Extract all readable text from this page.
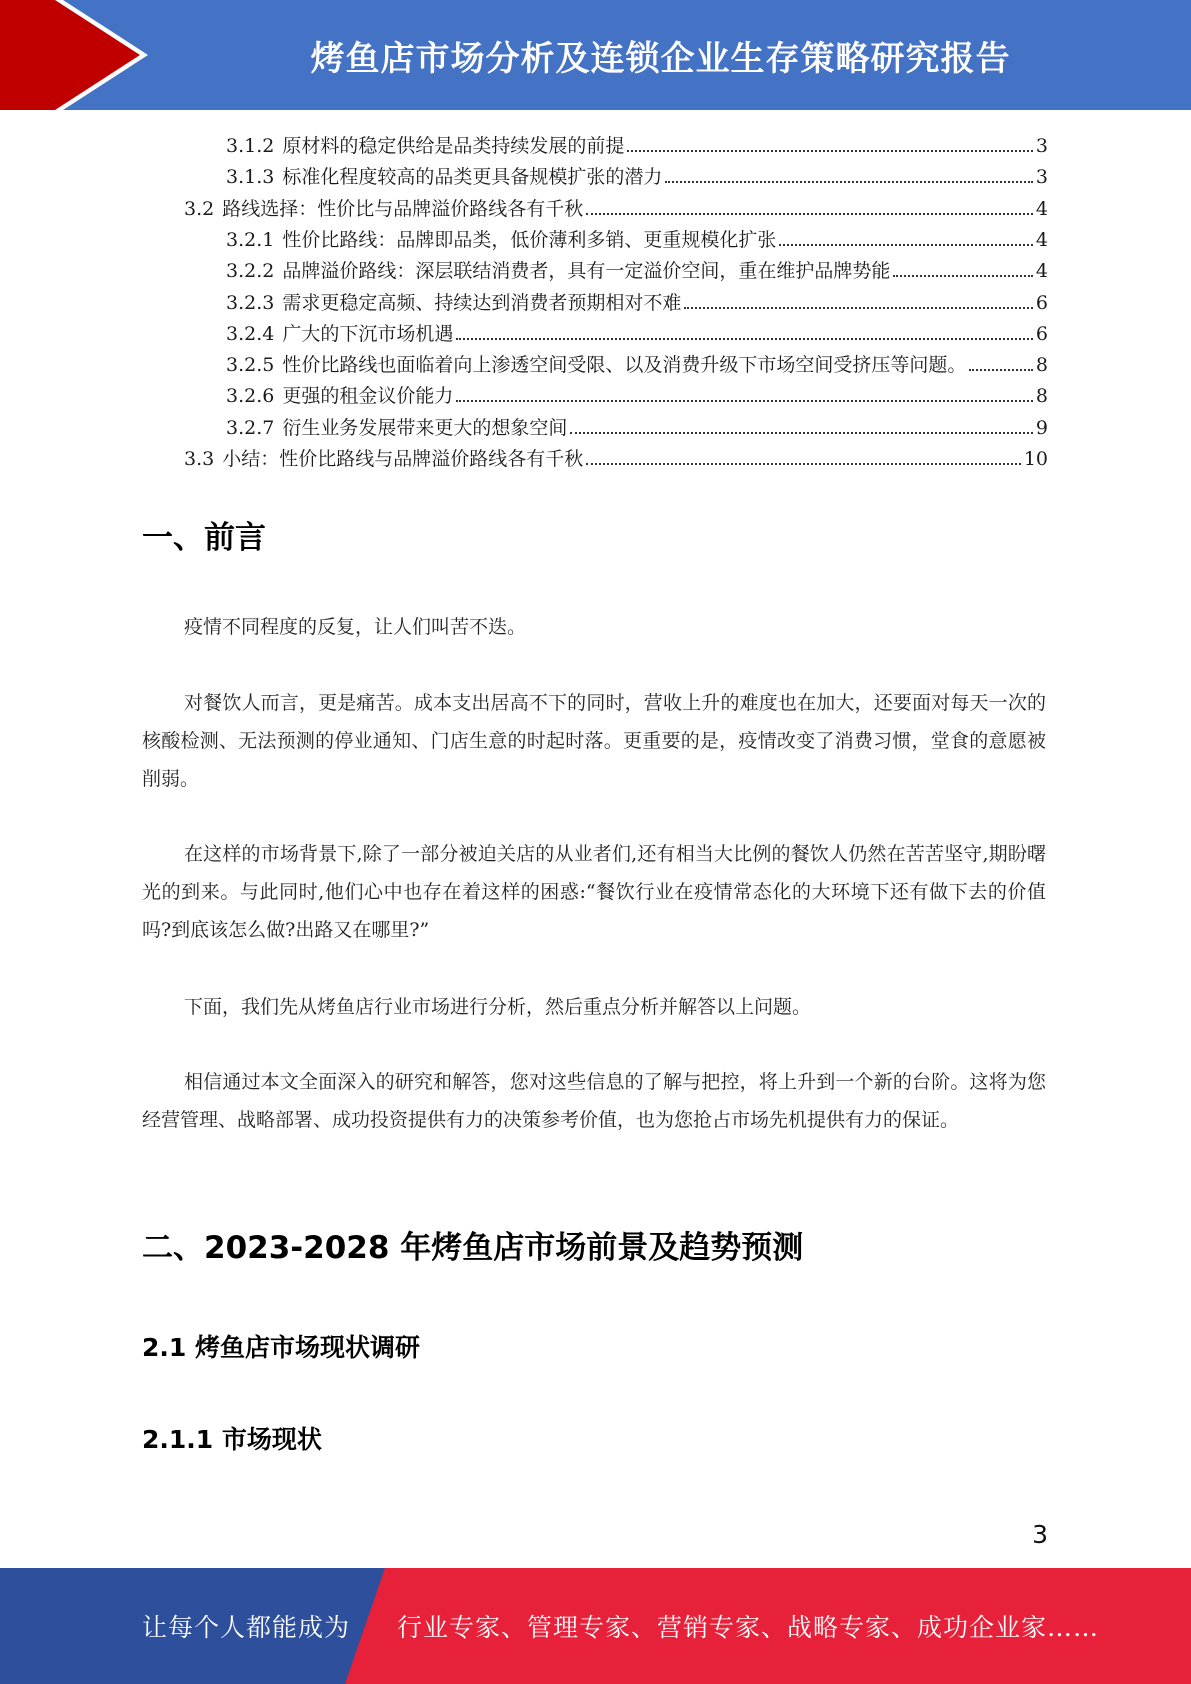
烤鱼店市场分析及连锁企业生存策略研究报告
3.1.2 原材料的稳定供给是品类持续发展的前提	3
3.1.3 标准化程度较高的品类更具备规模扩张的潜力	3
3.2 路线选择：性价比与品牌溢价路线各有千秋	4
3.2.1 性价比路线：品牌即品类，低价薄利多销、更重规模化扩张	4
3.2.2 品牌溢价路线：深层联结消费者，具有一定溢价空间，重在维护品牌势能	4
3.2.3 需求更稳定高频、持续达到消费者预期相对不难	6
3.2.4 广大的下沉市场机遇	6
3.2.5 性价比路线也面临着向上渗透空间受限、以及消费升级下市场空间受挤压等问题。	8
3.2.6 更强的租金议价能力	8
3.2.7 衍生业务发展带来更大的想象空间	9
3.3 小结：性价比路线与品牌溢价路线各有千秋	10
一、前言
疫情不同程度的反复，让人们叫苦不迭。
对餐饮人而言，更是痛苦。成本支出居高不下的同时，营收上升的难度也在加大，还要面对每天一次的核酸检测、无法预测的停业通知、门店生意的时起时落。更重要的是，疫情改变了消费习惯，堂食的意愿被削弱。
在这样的市场背景下,除了一部分被迫关店的从业者们,还有相当大比例的餐饮人仍然在苦苦坚守,期盼曙光的到来。与此同时,他们心中也存在着这样的困惑:“餐饮行业在疫情常态化的大环境下还有做下去的价值吗?到底该怎么做?出路又在哪里?”
下面，我们先从烤鱼店行业市场进行分析，然后重点分析并解答以上问题。
相信通过本文全面深入的研究和解答，您对这些信息的了解与把控，将上升到一个新的台阶。这将为您经营管理、战略部署、成功投资提供有力的决策参考价值，也为您抢占市场先机提供有力的保证。
二、2023-2028 年烤鱼店市场前景及趋势预测
2.1 烤鱼店市场现状调研
2.1.1 市场现状
3
让每个人都能成为 行业专家、管理专家、营销专家、战略专家、成功企业家……
